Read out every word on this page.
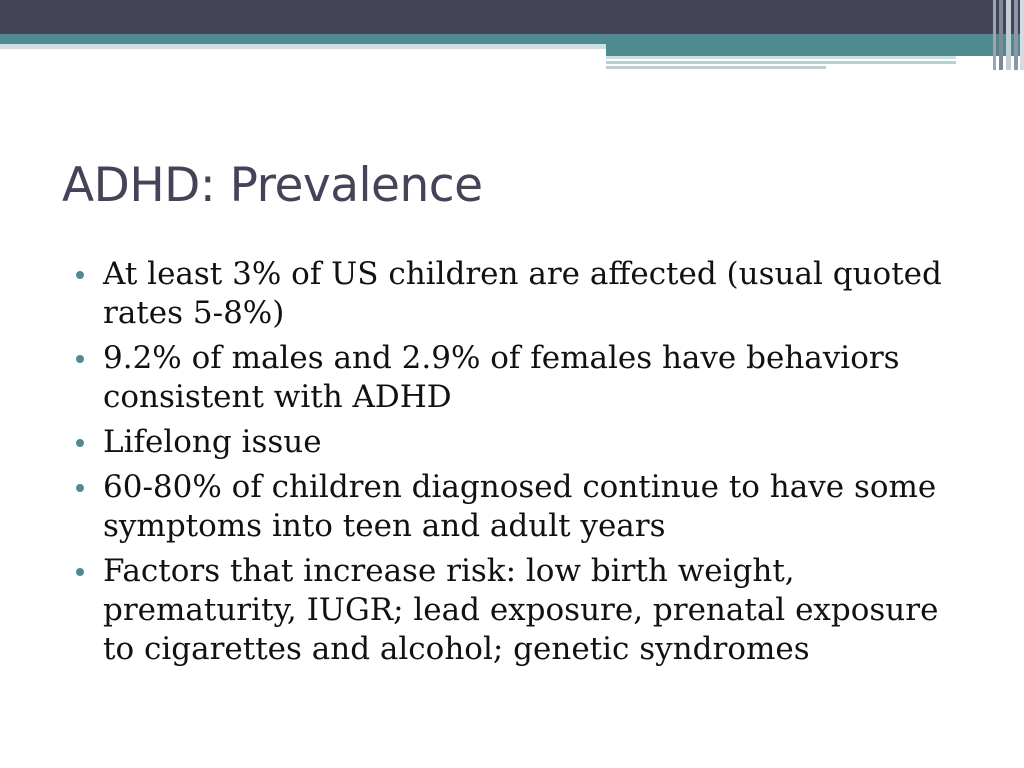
ADHD: Prevalence
At least 3% of US children are affected (usual quoted rates 5-8%)
9.2% of males and 2.9% of females have behaviors consistent with ADHD
Lifelong issue
60-80% of children diagnosed continue to have some symptoms into teen and adult years
Factors that increase risk: low birth weight, prematurity, IUGR; lead exposure, prenatal exposure to cigarettes and alcohol; genetic syndromes
